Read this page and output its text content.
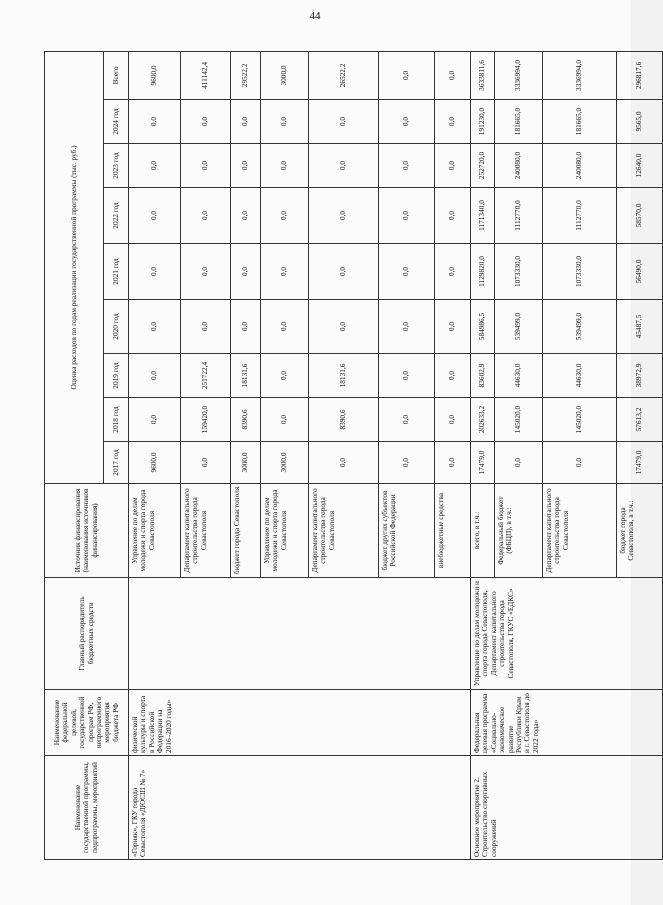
44
Наименование государственной программы, подпрограммы, мероприятий	Наименование федеральной целевой, государственной програм РФ, непрограммного мероприятия бюджета РФ	Главный распорядитель бюджетных средств	Источник финансирования (наименования источников финансирования)	Оценка расходов по годам реализации государственной программы (тыс. руб.)								
				2017 год	2018 год	2019 год	2020 год	2021 год	2022 год	2023 год	2024 год	Всего
«Горняк», ГКУ города Севастополя «ДЮСШ № 7»	физической культуры и спорта в Российской Федерации на 2016–2020 годы»		Управление по делам молодежи и спорта города Севастополя	9600,0	0,0	0,0	0,0	0,0	0,0	0,0	0,0	9600,0
			Департамент капитального строительства города Севастополя	0,0	159420,0	251722,4	0,0	0,0	0,0	0,0	0,0	411142,4
			бюджет города Севастополя	3000,0	8390,6	18131,6	0,0	0,0	0,0	0,0	0,0	29522,2
			Управление по делам молодежи и спорта города Севастополя	3000,0	0,0	0,0	0,0	0,0	0,0	0,0	0,0	3000,0
			Департамент капитального строительства города Севастополя	0,0	8390,6	18131,6	0,0	0,0	0,0	0,0	0,0	26522,2
			бюджет других субъектов Российской Федерации	0,0	0,0	0,0	0,0	0,0	0,0	0,0	0,0	0,0
			внебюджетные средства	0,0	0,0	0,0	0,0	0,0	0,0	0,0	0,0	0,0
Основное мероприятие 2. Строительство спортивных сооружений	Федеральная целевая программа «Социально-экономическое развитие Республики Крым и г. Севастополя до 2022 года»	Управление по делам молодежи и спорта города Севастополя, Департамент капитального строительства города Севастополя, ГКУС «ЕДКС»	всего, в т.ч.:	17479,0	202633,2	83602,9	584986,5	1129820,0	1171340,0	252720,0	191230,0	3633811,6
			Федеральный бюджет (ФБЦП), в т.ч.:	0,0	145020,0	44630,0	539499,0	1073330,0	1112770,0	240080,0	181665,0	3336994,0
			Департамент капитального строительства города Севастополя	0,0	145020,0	44630,0	539499,0	1073330,0	1112770,0	240080,0	181665,0	3336994,0
			бюджет города Севастополя, в т.ч.:	17479,0	57613,2	38972,9	45487,5	56490,0	58570,0	12640,0	9565,0	296817,6
